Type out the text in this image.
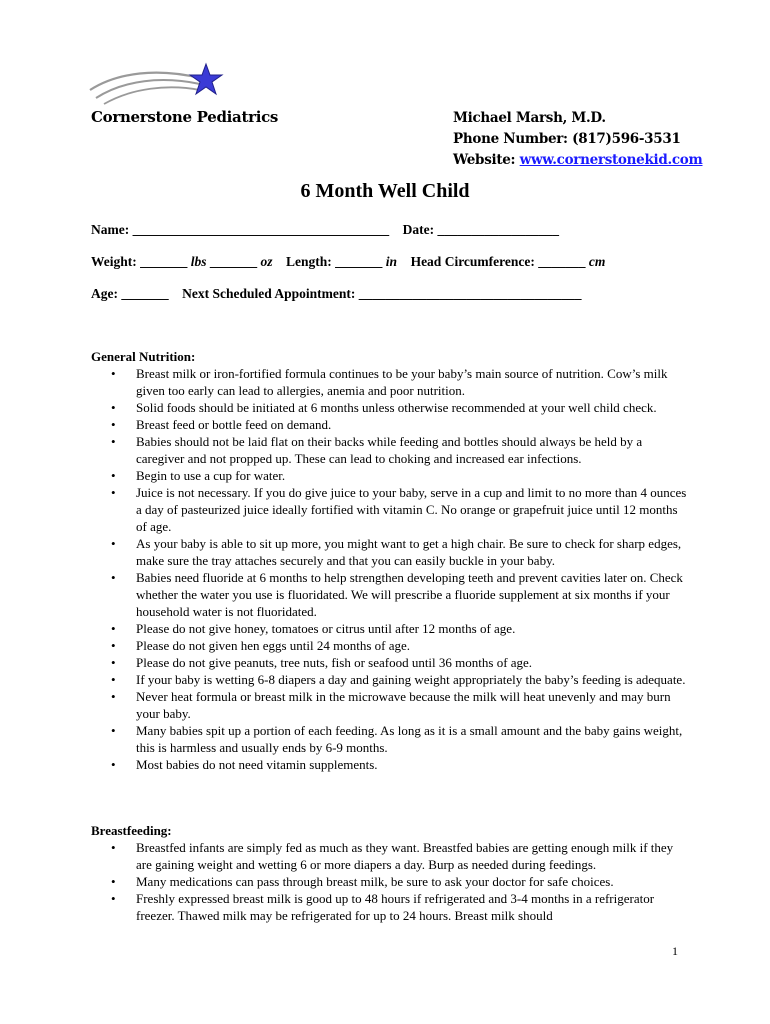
Cornerstone Pediatrics	Michael Marsh, M.D.
Phone Number: (817)596-3531
Website: www.cornerstonekid.com
6 Month Well Child
Name: ______________________________________ Date: __________________
Weight: _______ lbs _______ oz Length: _______ in Head Circumference: _______ cm
Age: _______ Next Scheduled Appointment: _________________________________
General Nutrition:
• Breast milk or iron-fortified formula continues to be your baby’s main source of nutrition. Cow’s milk given too early can lead to allergies, anemia and poor nutrition.
• Solid foods should be initiated at 6 months unless otherwise recommended at your well child check.
• Breast feed or bottle feed on demand.
• Babies should not be laid flat on their backs while feeding and bottles should always be held by a caregiver and not propped up. These can lead to choking and increased ear infections.
• Begin to use a cup for water.
• Juice is not necessary. If you do give juice to your baby, serve in a cup and limit to no more than 4 ounces a day of pasteurized juice ideally fortified with vitamin C. No orange or grapefruit juice until 12 months of age.
• As your baby is able to sit up more, you might want to get a high chair. Be sure to check for sharp edges, make sure the tray attaches securely and that you can easily buckle in your baby.
• Babies need fluoride at 6 months to help strengthen developing teeth and prevent cavities later on. Check whether the water you use is fluoridated. We will prescribe a fluoride supplement at six months if your household water is not fluoridated.
• Please do not give honey, tomatoes or citrus until after 12 months of age.
• Please do not given hen eggs until 24 months of age.
• Please do not give peanuts, tree nuts, fish or seafood until 36 months of age.
• If your baby is wetting 6-8 diapers a day and gaining weight appropriately the baby’s feeding is adequate.
• Never heat formula or breast milk in the microwave because the milk will heat unevenly and may burn your baby.
• Many babies spit up a portion of each feeding. As long as it is a small amount and the baby gains weight, this is harmless and usually ends by 6-9 months.
• Most babies do not need vitamin supplements.
Breastfeeding:
• Breastfed infants are simply fed as much as they want. Breastfed babies are getting enough milk if they are gaining weight and wetting 6 or more diapers a day. Burp as needed during feedings.
• Many medications can pass through breast milk, be sure to ask your doctor for safe choices.
• Freshly expressed breast milk is good up to 48 hours if refrigerated and 3-4 months in a refrigerator freezer. Thawed milk may be refrigerated for up to 24 hours. Breast milk should
1
